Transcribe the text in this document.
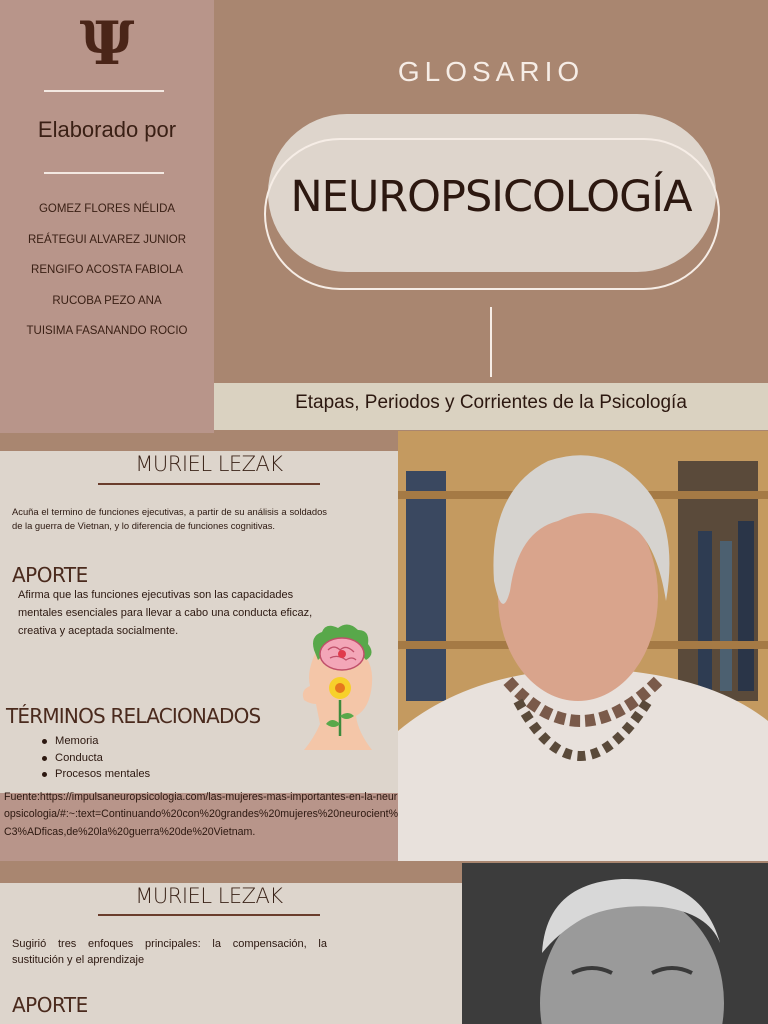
Ψ
Elaborado por
GOMEZ FLORES NÉLIDA
REÁTEGUI ALVAREZ JUNIOR
RENGIFO ACOSTA FABIOLA
RUCOBA PEZO ANA
TUISIMA FASANANDO ROCIO
GLOSARIO
NEUROPSICOLOGÍA
Etapas, Periodos y Corrientes de la Psicología
MURIEL LEZAK
Acuña el termino de funciones ejecutivas, a partir de su análisis a soldados de la guerra de Vietnan, y lo diferencia de funciones cognitivas.
APORTE
Afirma que las funciones ejecutivas son las capacidades mentales esenciales para llevar a cabo una conducta eficaz, creativa y aceptada socialmente.
TÉRMINOS RELACIONADOS
Memoria
Conducta
Procesos mentales
Fuente:https://impulsaneuropsicologia.com/las-mujeres-mas-importantes-en-la-neuropsicologia/#:~:text=Continuando%20con%20grandes%20mujeres%20neurocient%C3%ADficas,de%20la%20guerra%20de%20Vietnam.
MURIEL LEZAK
Sugirió tres enfoques principales: la compensación, la sustitución y el aprendizaje
APORTE
